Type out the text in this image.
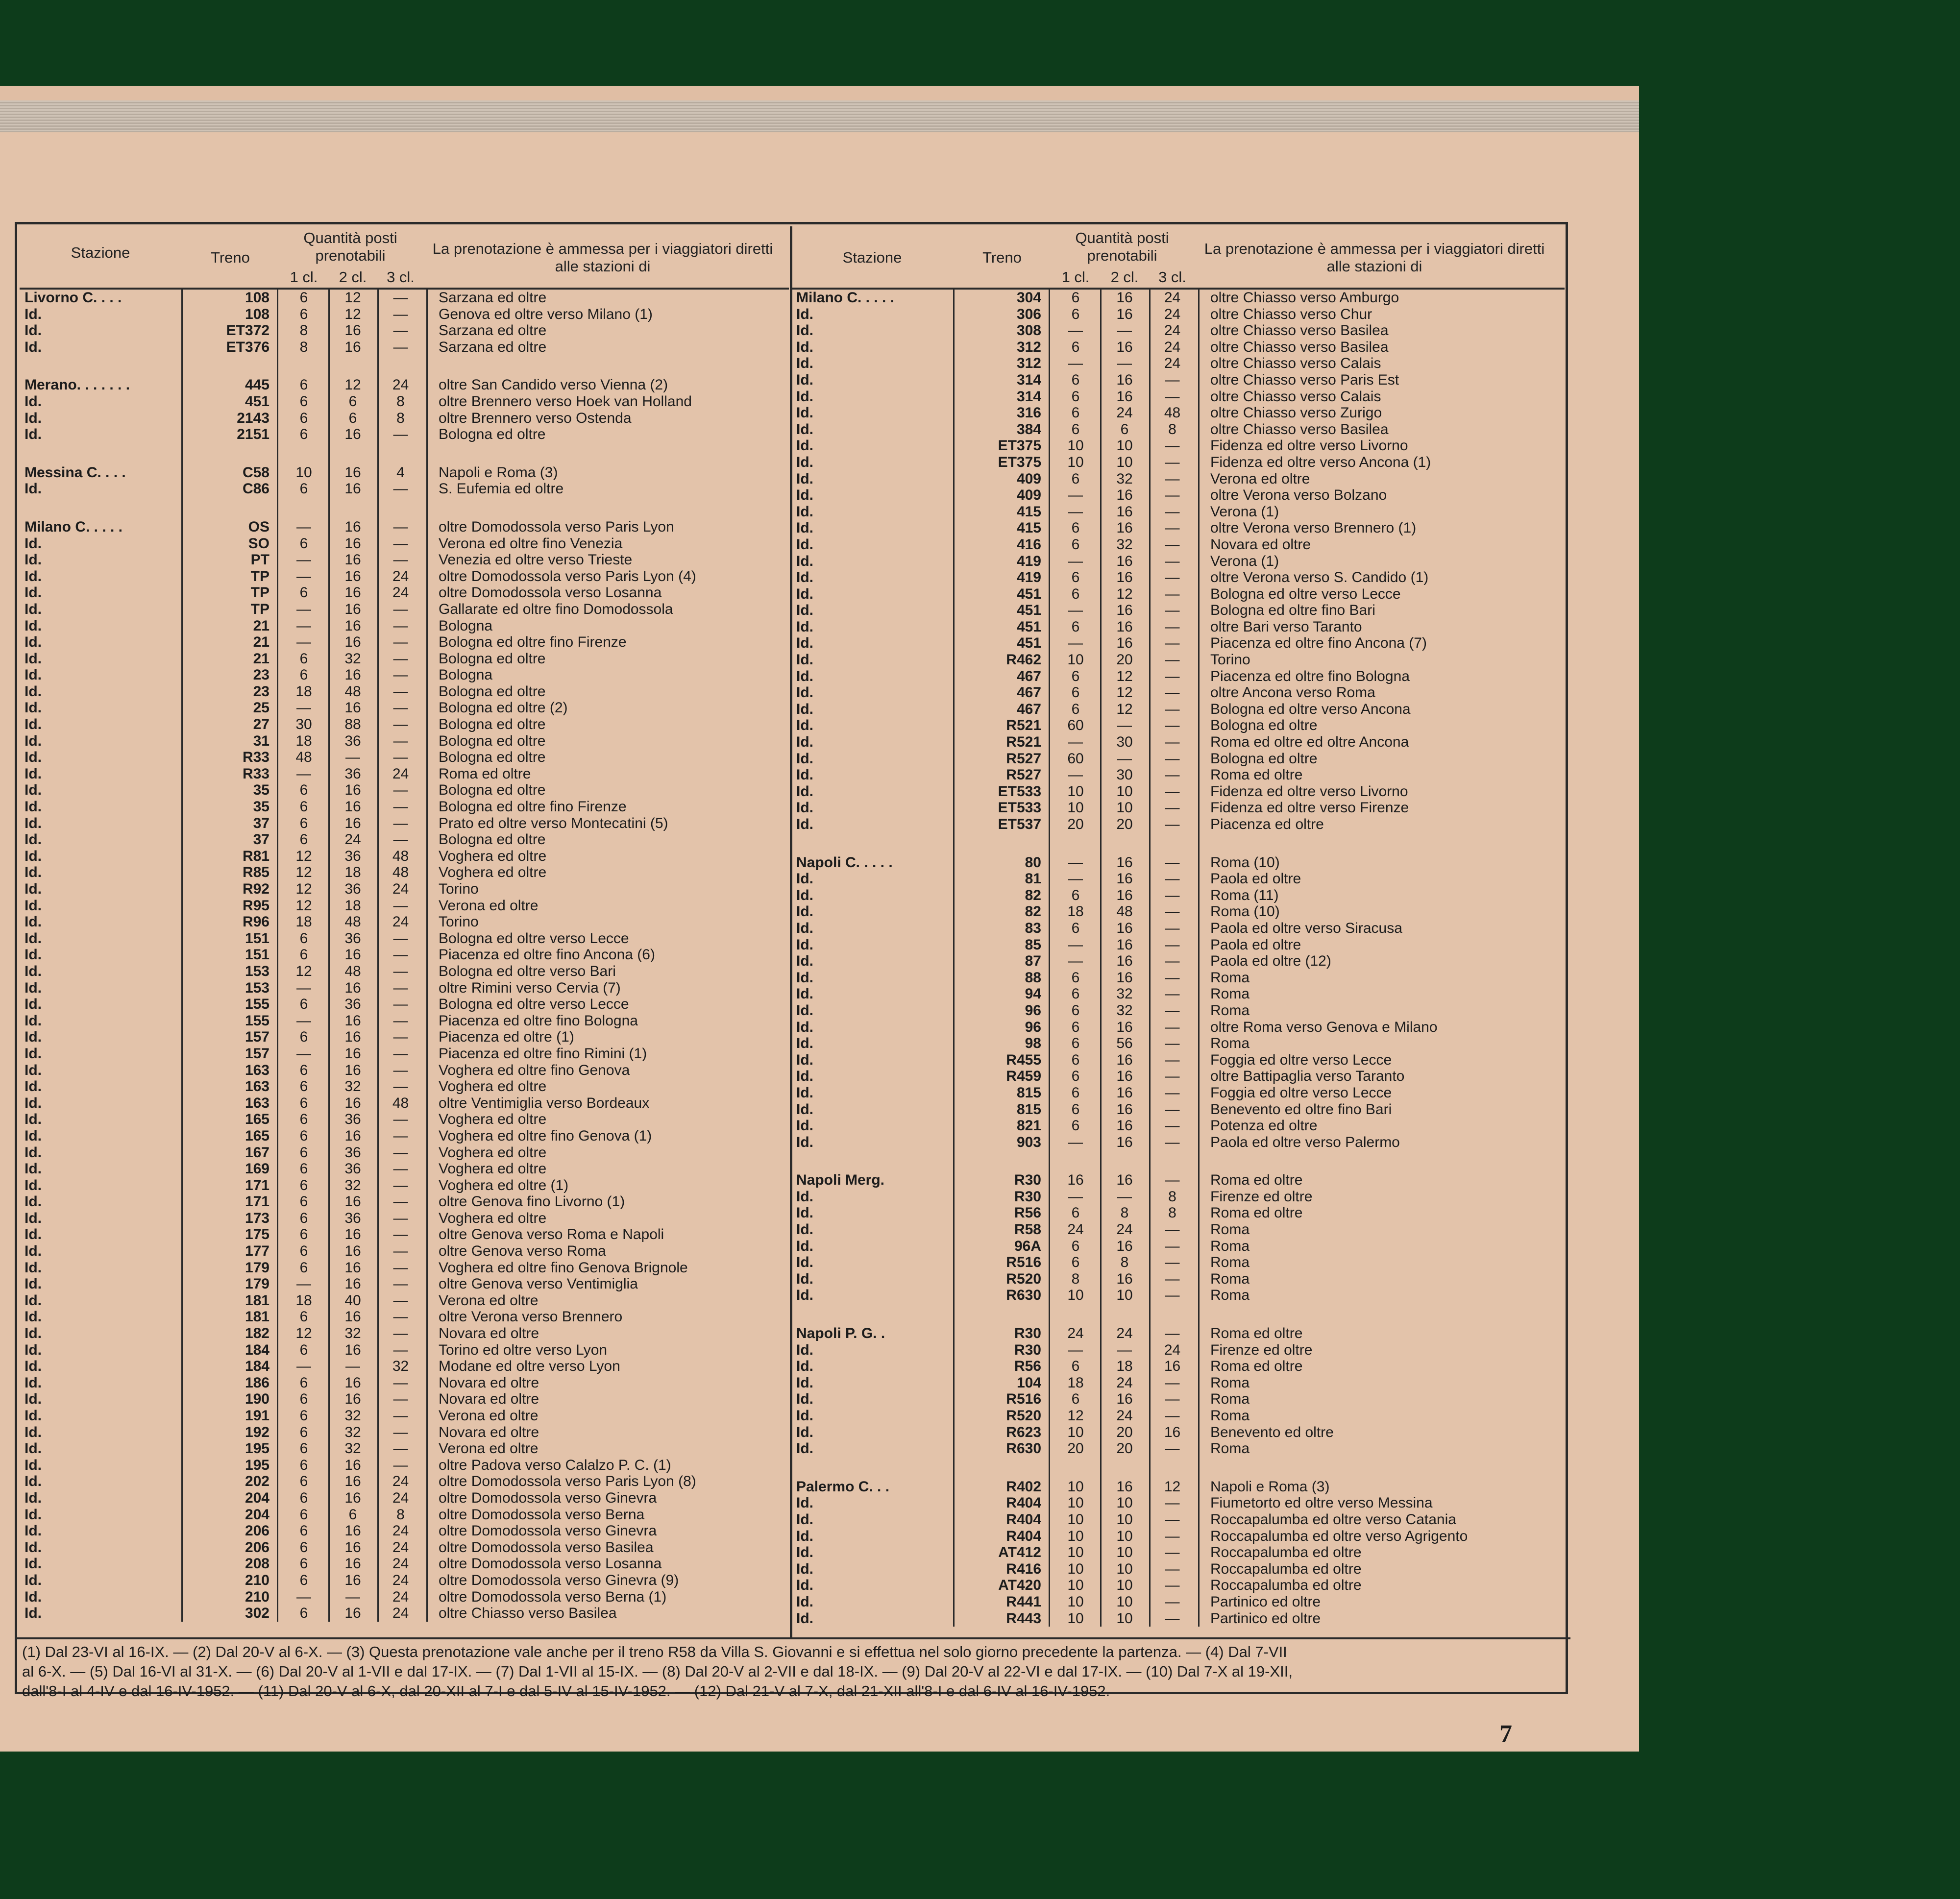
Stazione	Treno
Quantità posti prenotabili
1 cl.	2 cl.	3 cl.
La prenotazione è ammessa per i viaggiatori diretti alle stazioni di
Livorno C. . . .	108	6	12	—	Sarzana ed oltre
Id.	108	6	12	—	Genova ed oltre verso Milano (1)
Id.	ET372	8	16	—	Sarzana ed oltre
Id.	ET376	8	16	—	Sarzana ed oltre
Merano. . . . . . .	445	6	12	24	oltre San Candido verso Vienna (2)
Id.	451	6	6	8	oltre Brennero verso Hoek van Holland
Id.	2143	6	6	8	oltre Brennero verso Ostenda
Id.	2151	6	16	—	Bologna ed oltre
Messina C. . . .	C58	10	16	4	Napoli e Roma (3)
Id.	C86	6	16	—	S. Eufemia ed oltre
Milano C. . . . .	OS	—	16	—	oltre Domodossola verso Paris Lyon
Id.	SO	6	16	—	Verona ed oltre fino Venezia
Id.	PT	—	16	—	Venezia ed oltre verso Trieste
Id.	TP	—	16	24	oltre Domodossola verso Paris Lyon (4)
Id.	TP	6	16	24	oltre Domodossola verso Losanna
Id.	TP	—	16	—	Gallarate ed oltre fino Domodossola
Id.	21	—	16	—	Bologna
Id.	21	—	16	—	Bologna ed oltre fino Firenze
Id.	21	6	32	—	Bologna ed oltre
Id.	23	6	16	—	Bologna
Id.	23	18	48	—	Bologna ed oltre
Id.	25	—	16	—	Bologna ed oltre (2)
Id.	27	30	88	—	Bologna ed oltre
Id.	31	18	36	—	Bologna ed oltre
Id.	R33	48	—	—	Bologna ed oltre
Id.	R33	—	36	24	Roma ed oltre
Id.	35	6	16	—	Bologna ed oltre
Id.	35	6	16	—	Bologna ed oltre fino Firenze
Id.	37	6	16	—	Prato ed oltre verso Montecatini (5)
Id.	37	6	24	—	Bologna ed oltre
Id.	R81	12	36	48	Voghera ed oltre
Id.	R85	12	18	48	Voghera ed oltre
Id.	R92	12	36	24	Torino
Id.	R95	12	18	—	Verona ed oltre
Id.	R96	18	48	24	Torino
Id.	151	6	36	—	Bologna ed oltre verso Lecce
Id.	151	6	16	—	Piacenza ed oltre fino Ancona (6)
Id.	153	12	48	—	Bologna ed oltre verso Bari
Id.	153	—	16	—	oltre Rimini verso Cervia (7)
Id.	155	6	36	—	Bologna ed oltre verso Lecce
Id.	155	—	16	—	Piacenza ed oltre fino Bologna
Id.	157	6	16	—	Piacenza ed oltre (1)
Id.	157	—	16	—	Piacenza ed oltre fino Rimini (1)
Id.	163	6	16	—	Voghera ed oltre fino Genova
Id.	163	6	32	—	Voghera ed oltre
Id.	163	6	16	48	oltre Ventimiglia verso Bordeaux
Id.	165	6	36	—	Voghera ed oltre
Id.	165	6	16	—	Voghera ed oltre fino Genova (1)
Id.	167	6	36	—	Voghera ed oltre
Id.	169	6	36	—	Voghera ed oltre
Id.	171	6	32	—	Voghera ed oltre (1)
Id.	171	6	16	—	oltre Genova fino Livorno (1)
Id.	173	6	36	—	Voghera ed oltre
Id.	175	6	16	—	oltre Genova verso Roma e Napoli
Id.	177	6	16	—	oltre Genova verso Roma
Id.	179	6	16	—	Voghera ed oltre fino Genova Brignole
Id.	179	—	16	—	oltre Genova verso Ventimiglia
Id.	181	18	40	—	Verona ed oltre
Id.	181	6	16	—	oltre Verona verso Brennero
Id.	182	12	32	—	Novara ed oltre
Id.	184	6	16	—	Torino ed oltre verso Lyon
Id.	184	—	—	32	Modane ed oltre verso Lyon
Id.	186	6	16	—	Novara ed oltre
Id.	190	6	16	—	Novara ed oltre
Id.	191	6	32	—	Verona ed oltre
Id.	192	6	32	—	Novara ed oltre
Id.	195	6	32	—	Verona ed oltre
Id.	195	6	16	—	oltre Padova verso Calalzo P. C. (1)
Id.	202	6	16	24	oltre Domodossola verso Paris Lyon (8)
Id.	204	6	16	24	oltre Domodossola verso Ginevra
Id.	204	6	6	8	oltre Domodossola verso Berna
Id.	206	6	16	24	oltre Domodossola verso Ginevra
Id.	206	6	16	24	oltre Domodossola verso Basilea
Id.	208	6	16	24	oltre Domodossola verso Losanna
Id.	210	6	16	24	oltre Domodossola verso Ginevra (9)
Id.	210	—	—	24	oltre Domodossola verso Berna (1)
Id.	302	6	16	24	oltre Chiasso verso Basilea
Stazione	Treno
Quantità posti prenotabili
1 cl.	2 cl.	3 cl.
La prenotazione è ammessa per i viaggiatori diretti alle stazioni di
Milano C. . . . .	304	6	16	24	oltre Chiasso verso Amburgo
Id.	306	6	16	24	oltre Chiasso verso Chur
Id.	308	—	—	24	oltre Chiasso verso Basilea
Id.	312	6	16	24	oltre Chiasso verso Basilea
Id.	312	—	—	24	oltre Chiasso verso Calais
Id.	314	6	16	—	oltre Chiasso verso Paris Est
Id.	314	6	16	—	oltre Chiasso verso Calais
Id.	316	6	24	48	oltre Chiasso verso Zurigo
Id.	384	6	6	8	oltre Chiasso verso Basilea
Id.	ET375	10	10	—	Fidenza ed oltre verso Livorno
Id.	ET375	10	10	—	Fidenza ed oltre verso Ancona (1)
Id.	409	6	32	—	Verona ed oltre
Id.	409	—	16	—	oltre Verona verso Bolzano
Id.	415	—	16	—	Verona (1)
Id.	415	6	16	—	oltre Verona verso Brennero (1)
Id.	416	6	32	—	Novara ed oltre
Id.	419	—	16	—	Verona (1)
Id.	419	6	16	—	oltre Verona verso S. Candido (1)
Id.	451	6	12	—	Bologna ed oltre verso Lecce
Id.	451	—	16	—	Bologna ed oltre fino Bari
Id.	451	6	16	—	oltre Bari verso Taranto
Id.	451	—	16	—	Piacenza ed oltre fino Ancona (7)
Id.	R462	10	20	—	Torino
Id.	467	6	12	—	Piacenza ed oltre fino Bologna
Id.	467	6	12	—	oltre Ancona verso Roma
Id.	467	6	12	—	Bologna ed oltre verso Ancona
Id.	R521	60	—	—	Bologna ed oltre
Id.	R521	—	30	—	Roma ed oltre ed oltre Ancona
Id.	R527	60	—	—	Bologna ed oltre
Id.	R527	—	30	—	Roma ed oltre
Id.	ET533	10	10	—	Fidenza ed oltre verso Livorno
Id.	ET533	10	10	—	Fidenza ed oltre verso Firenze
Id.	ET537	20	20	—	Piacenza ed oltre
Napoli C. . . . .	80	—	16	—	Roma (10)
Id.	81	—	16	—	Paola ed oltre
Id.	82	6	16	—	Roma (11)
Id.	82	18	48	—	Roma (10)
Id.	83	6	16	—	Paola ed oltre verso Siracusa
Id.	85	—	16	—	Paola ed oltre
Id.	87	—	16	—	Paola ed oltre (12)
Id.	88	6	16	—	Roma
Id.	94	6	32	—	Roma
Id.	96	6	32	—	Roma
Id.	96	6	16	—	oltre Roma verso Genova e Milano
Id.	98	6	56	—	Roma
Id.	R455	6	16	—	Foggia ed oltre verso Lecce
Id.	R459	6	16	—	oltre Battipaglia verso Taranto
Id.	815	6	16	—	Foggia ed oltre verso Lecce
Id.	815	6	16	—	Benevento ed oltre fino Bari
Id.	821	6	16	—	Potenza ed oltre
Id.	903	—	16	—	Paola ed oltre verso Palermo
Napoli Merg.	R30	16	16	—	Roma ed oltre
Id.	R30	—	—	8	Firenze ed oltre
Id.	R56	6	8	8	Roma ed oltre
Id.	R58	24	24	—	Roma
Id.	96A	6	16	—	Roma
Id.	R516	6	8	—	Roma
Id.	R520	8	16	—	Roma
Id.	R630	10	10	—	Roma
Napoli P. G. .	R30	24	24	—	Roma ed oltre
Id.	R30	—	—	24	Firenze ed oltre
Id.	R56	6	18	16	Roma ed oltre
Id.	104	18	24	—	Roma
Id.	R516	6	16	—	Roma
Id.	R520	12	24	—	Roma
Id.	R623	10	20	16	Benevento ed oltre
Id.	R630	20	20	—	Roma
Palermo C. . .	R402	10	16	12	Napoli e Roma (3)
Id.	R404	10	10	—	Fiumetorto ed oltre verso Messina
Id.	R404	10	10	—	Roccapalumba ed oltre verso Catania
Id.	R404	10	10	—	Roccapalumba ed oltre verso Agrigento
Id.	AT412	10	10	—	Roccapalumba ed oltre
Id.	R416	10	10	—	Roccapalumba ed oltre
Id.	AT420	10	10	—	Roccapalumba ed oltre
Id.	R441	10	10	—	Partinico ed oltre
Id.	R443	10	10	—	Partinico ed oltre
(1) Dal 23-VI al 16-IX. — (2) Dal 20-V al 6-X. — (3) Questa prenotazione vale anche per il treno R58 da Villa S. Giovanni e si effettua nel solo giorno precedente la partenza. — (4) Dal 7-VII
al 6-X. — (5) Dal 16-VI al 31-X. — (6) Dal 20-V al 1-VII e dal 17-IX. — (7) Dal 1-VII al 15-IX. — (8) Dal 20-V al 2-VII e dal 18-IX. — (9) Dal 20-V al 22-VI e dal 17-IX. — (10) Dal 7-X al 19-XII,
dall'8-I al 4-IV e dal 16-IV-1952. — (11) Dal 20-V al 6-X, dal 20-XII al 7-I e dal 5-IV al 15-IV-1952. — (12) Dal 21-V al 7-X, dal 21-XII all'8-I e dal 6-IV al 16-IV-1952.
7
